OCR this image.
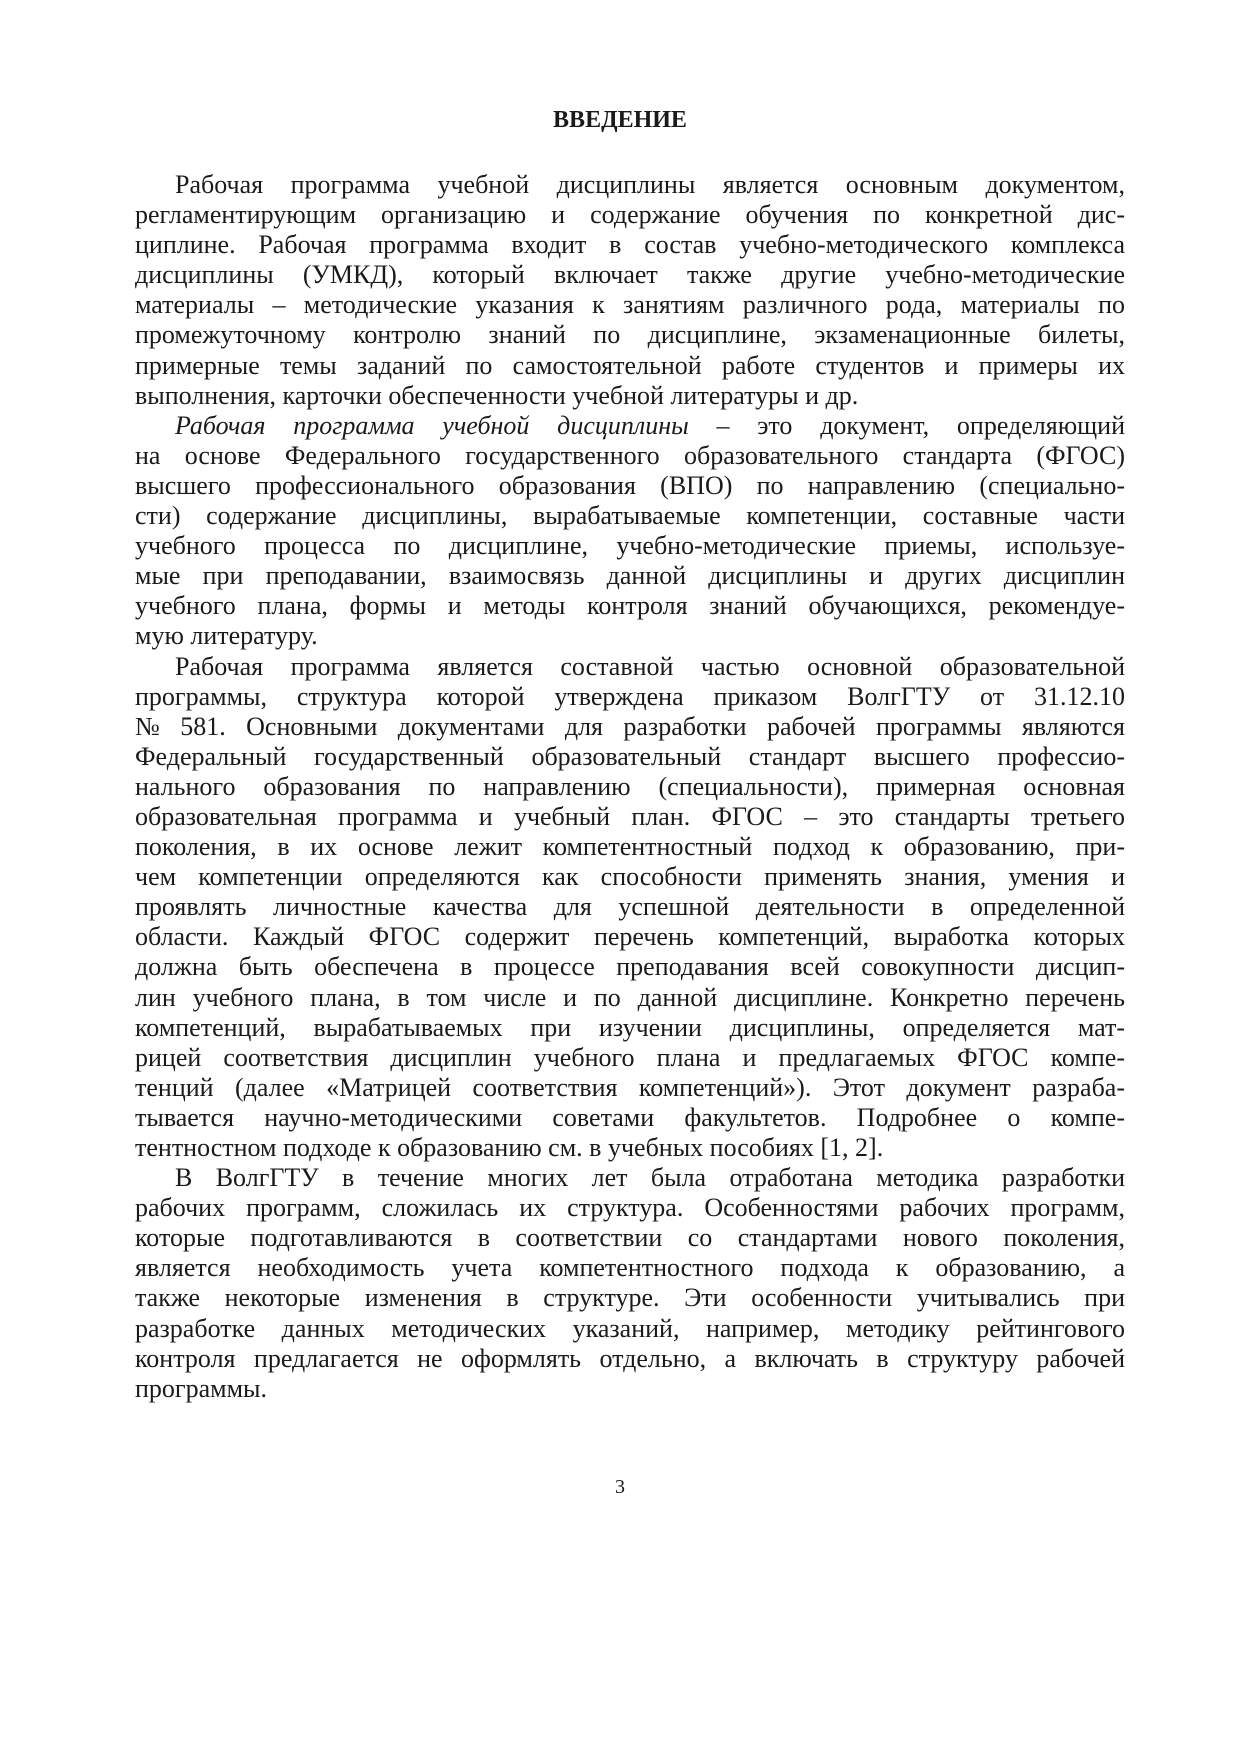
ВВЕДЕНИЕ
Рабочая программа учебной дисциплины является основным документом,
регламентирующим организацию и содержание обучения по конкретной дис-
циплине. Рабочая программа входит в состав учебно-методического комплекса
дисциплины (УМКД), который включает также другие учебно-методические
материалы – методические указания к занятиям различного рода, материалы по
промежуточному контролю знаний по дисциплине, экзаменационные билеты,
примерные темы заданий по самостоятельной работе студентов и примеры их
выполнения, карточки обеспеченности учебной литературы и др.
Рабочая программа учебной дисциплины – это документ, определяющий
на основе Федерального государственного образовательного стандарта (ФГОС)
высшего профессионального образования (ВПО) по направлению (специально-
сти) содержание дисциплины, вырабатываемые компетенции, составные части
учебного процесса по дисциплине, учебно-методические приемы, используе-
мые при преподавании, взаимосвязь данной дисциплины и других дисциплин
учебного плана, формы и методы контроля знаний обучающихся, рекомендуе-
мую литературу.
Рабочая программа является составной частью основной образовательной
программы, структура которой утверждена приказом ВолгГТУ от 31.12.10
№ 581. Основными документами для разработки рабочей программы являются
Федеральный государственный образовательный стандарт высшего профессио-
нального образования по направлению (специальности), примерная основная
образовательная программа и учебный план. ФГОС – это стандарты третьего
поколения, в их основе лежит компетентностный подход к образованию, при-
чем компетенции определяются как способности применять знания, умения и
проявлять личностные качества для успешной деятельности в определенной
области. Каждый ФГОС содержит перечень компетенций, выработка которых
должна быть обеспечена в процессе преподавания всей совокупности дисцип-
лин учебного плана, в том числе и по данной дисциплине. Конкретно перечень
компетенций, вырабатываемых при изучении дисциплины, определяется мат-
рицей соответствия дисциплин учебного плана и предлагаемых ФГОС компе-
тенций (далее «Матрицей соответствия компетенций»). Этот документ разраба-
тывается научно-методическими советами факультетов. Подробнее о компе-
тентностном подходе к образованию см. в учебных пособиях [1, 2].
В ВолгГТУ в течение многих лет была отработана методика разработки
рабочих программ, сложилась их структура. Особенностями рабочих программ,
которые подготавливаются в соответствии со стандартами нового поколения,
является необходимость учета компетентностного подхода к образованию, а
также некоторые изменения в структуре. Эти особенности учитывались при
разработке данных методических указаний, например, методику рейтингового
контроля предлагается не оформлять отдельно, а включать в структуру рабочей
программы.
3
